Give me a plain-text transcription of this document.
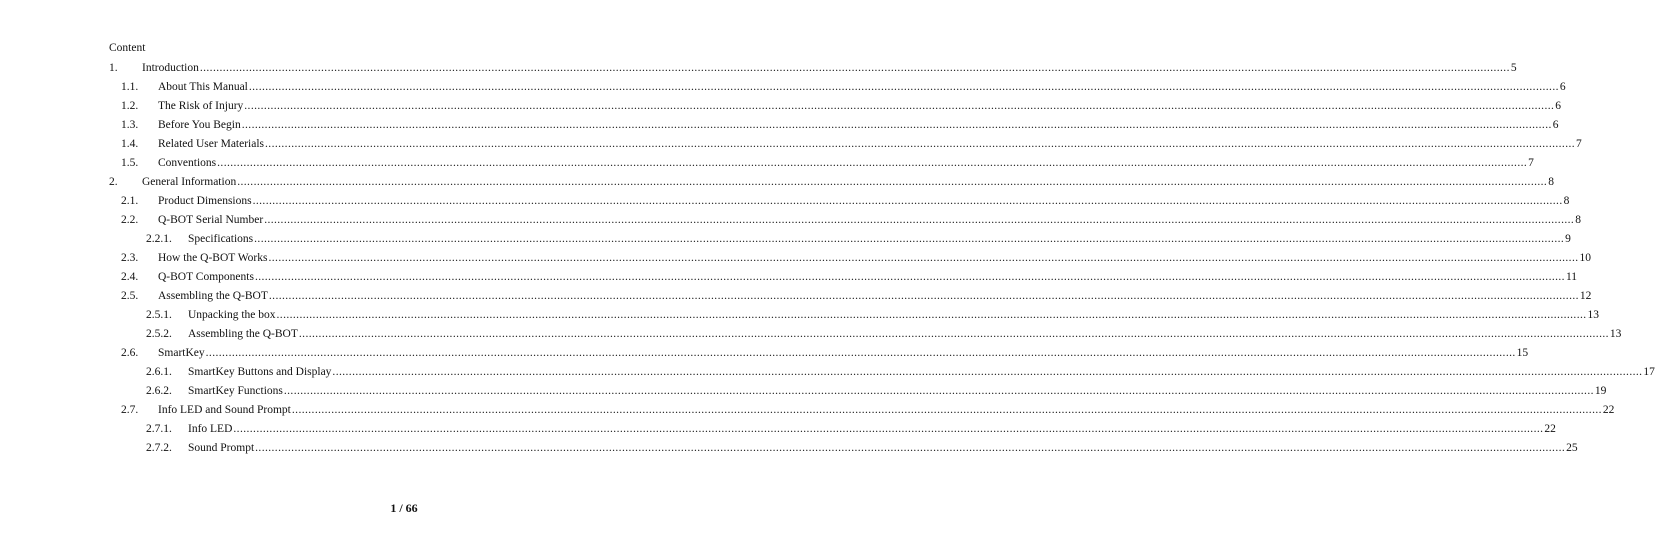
Content
1. Introduction ................................................................................................................................................................................................................................................................................................................................................................................................................ 5
1.1. About This Manual ................................................................................................................................................................................................................................................................................................................................................................................................................ 6
1.2. The Risk of Injury ................................................................................................................................................................................................................................................................................................................................................................................................................ 6
1.3. Before You Begin ................................................................................................................................................................................................................................................................................................................................................................................................................ 6
1.4. Related User Materials ................................................................................................................................................................................................................................................................................................................................................................................................................ 7
1.5. Conventions ................................................................................................................................................................................................................................................................................................................................................................................................................ 7
2. General Information ................................................................................................................................................................................................................................................................................................................................................................................................................ 8
2.1. Product Dimensions ................................................................................................................................................................................................................................................................................................................................................................................................................ 8
2.2. Q-BOT Serial Number ................................................................................................................................................................................................................................................................................................................................................................................................................ 8
2.2.1. Specifications ................................................................................................................................................................................................................................................................................................................................................................................................................ 9
2.3. How the Q-BOT Works ................................................................................................................................................................................................................................................................................................................................................................................................................ 10
2.4. Q-BOT Components ................................................................................................................................................................................................................................................................................................................................................................................................................ 11
2.5. Assembling the Q-BOT ................................................................................................................................................................................................................................................................................................................................................................................................................ 12
2.5.1. Unpacking the box ................................................................................................................................................................................................................................................................................................................................................................................................................ 13
2.5.2. Assembling the Q-BOT ................................................................................................................................................................................................................................................................................................................................................................................................................ 13
2.6. SmartKey ................................................................................................................................................................................................................................................................................................................................................................................................................ 15
2.6.1. SmartKey Buttons and Display ................................................................................................................................................................................................................................................................................................................................................................................................................ 17
2.6.2. SmartKey Functions ................................................................................................................................................................................................................................................................................................................................................................................................................ 19
2.7. Info LED and Sound Prompt ................................................................................................................................................................................................................................................................................................................................................................................................................ 22
2.7.1. Info LED ................................................................................................................................................................................................................................................................................................................................................................................................................ 22
2.7.2. Sound Prompt ................................................................................................................................................................................................................................................................................................................................................................................................................ 25
1 / 66
